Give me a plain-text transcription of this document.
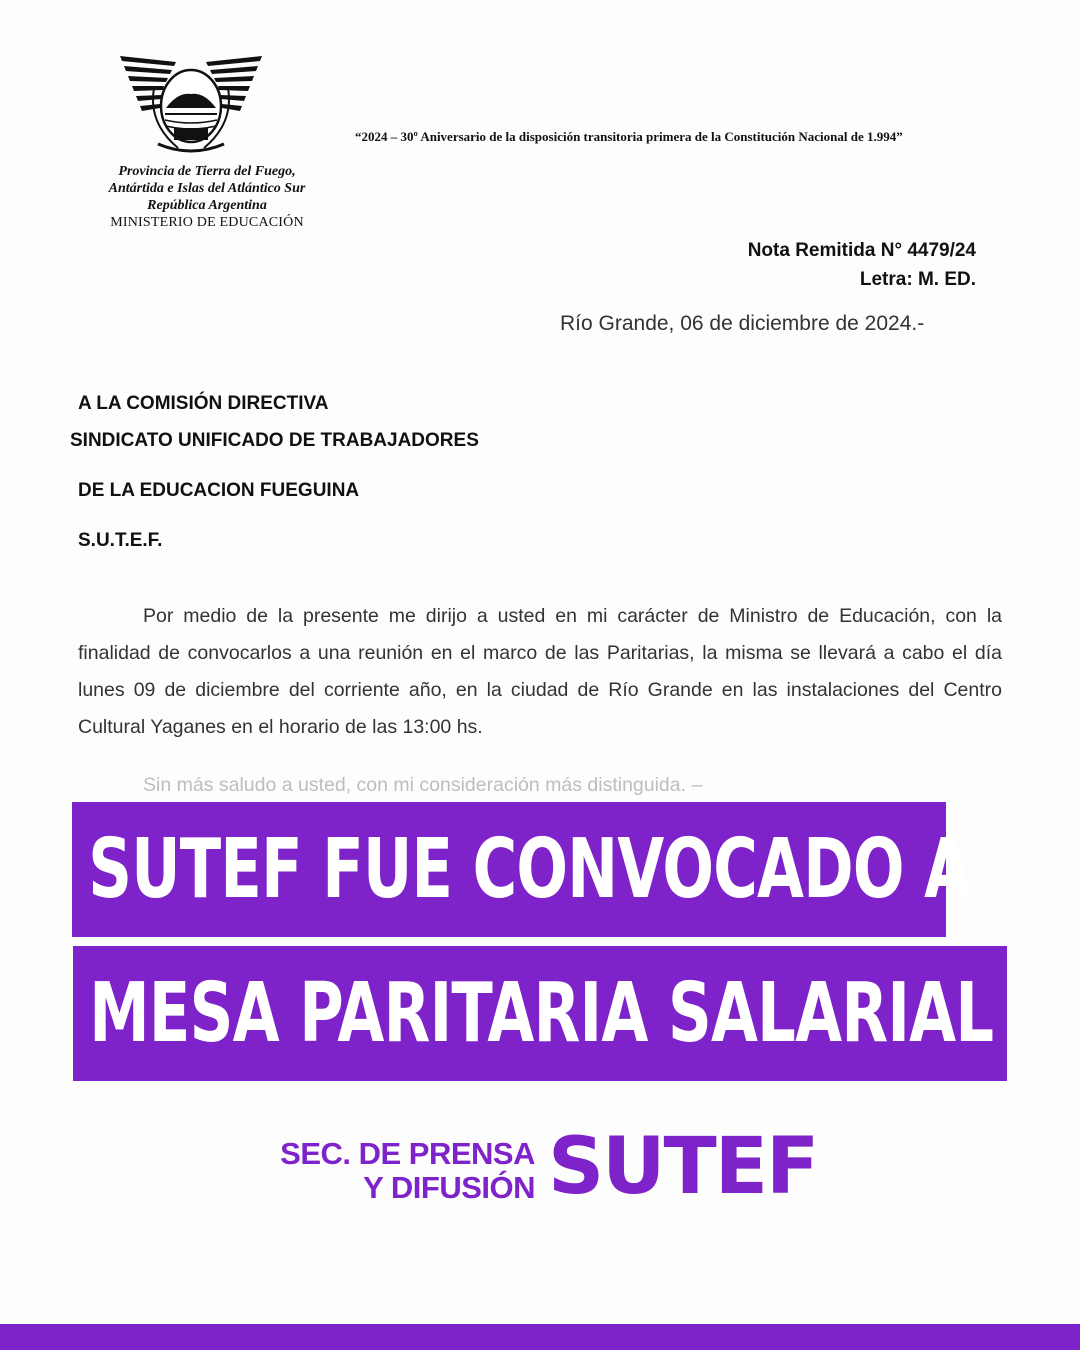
Provincia de Tierra del Fuego,
Antártida e Islas del Atlántico Sur
República Argentina
MINISTERIO DE EDUCACIÓN
“2024 – 30º Aniversario de la disposición transitoria primera de la Constitución Nacional de 1.994”
Nota Remitida N° 4479/24
Letra: M. ED.
Río Grande, 06 de diciembre de 2024.-
A LA COMISIÓN DIRECTIVA
SINDICATO UNIFICADO DE TRABAJADORES
DE LA EDUCACION FUEGUINA
S.U.T.E.F.
Por medio de la presente me dirijo a usted en mi carácter de Ministro de Educación, con la finalidad de convocarlos a una reunión en el marco de las Paritarias, la misma se llevará a cabo el día lunes 09 de diciembre del corriente año, en la ciudad de Río Grande en las instalaciones del Centro Cultural Yaganes en el horario de las 13:00 hs.
Sin más saludo a usted, con mi consideración más distinguida. –
SUTEF FUE CONVOCADO A
MESA PARITARIA SALARIAL
SEC. DE PRENSA
Y DIFUSIÓN SUTEF
